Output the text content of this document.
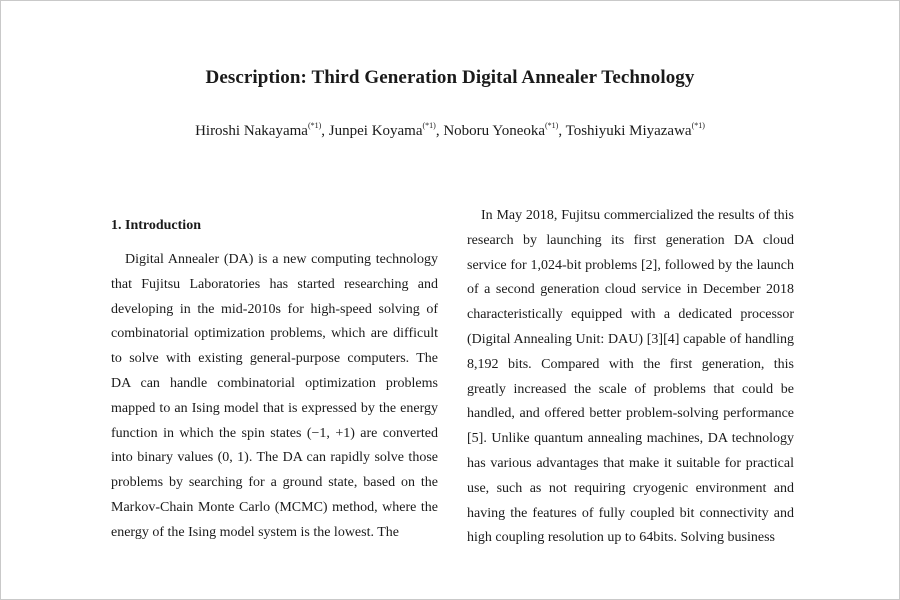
Description: Third Generation Digital Annealer Technology

Hiroshi Nakayama$^{(*1)}$, Junpei Koyama$^{(*1)}$, Noboru Yoneoka$^{(*1)}$, Toshiyuki Miyazawa$^{(*1)}$

1. Introduction

Digital Annealer (DA) is a new computing technology that Fujitsu Laboratories has started researching and developing in the mid-2010s for high-speed solving of combinatorial optimization problems, which are difficult to solve with existing general-purpose computers. The DA can handle combinatorial optimization problems mapped to an Ising model that is expressed by the energy function in which the spin states (−1, +1) are converted into binary values (0, 1). The DA can rapidly solve those problems by searching for a ground state, based on the Markov-Chain Monte Carlo (MCMC) method, where the energy of the Ising model system is the lowest. The

In May 2018, Fujitsu commercialized the results of this research by launching its first generation DA cloud service for 1,024-bit problems [2], followed by the launch of a second generation cloud service in December 2018 characteristically equipped with a dedicated processor (Digital Annealing Unit: DAU) [3][4] capable of handling 8,192 bits. Compared with the first generation, this greatly increased the scale of problems that could be handled, and offered better problem-solving performance [5]. Unlike quantum annealing machines, DA technology has various advantages that make it suitable for practical use, such as not requiring cryogenic environment and having the features of fully coupled bit connectivity and high coupling resolution up to 64bits. Solving business
